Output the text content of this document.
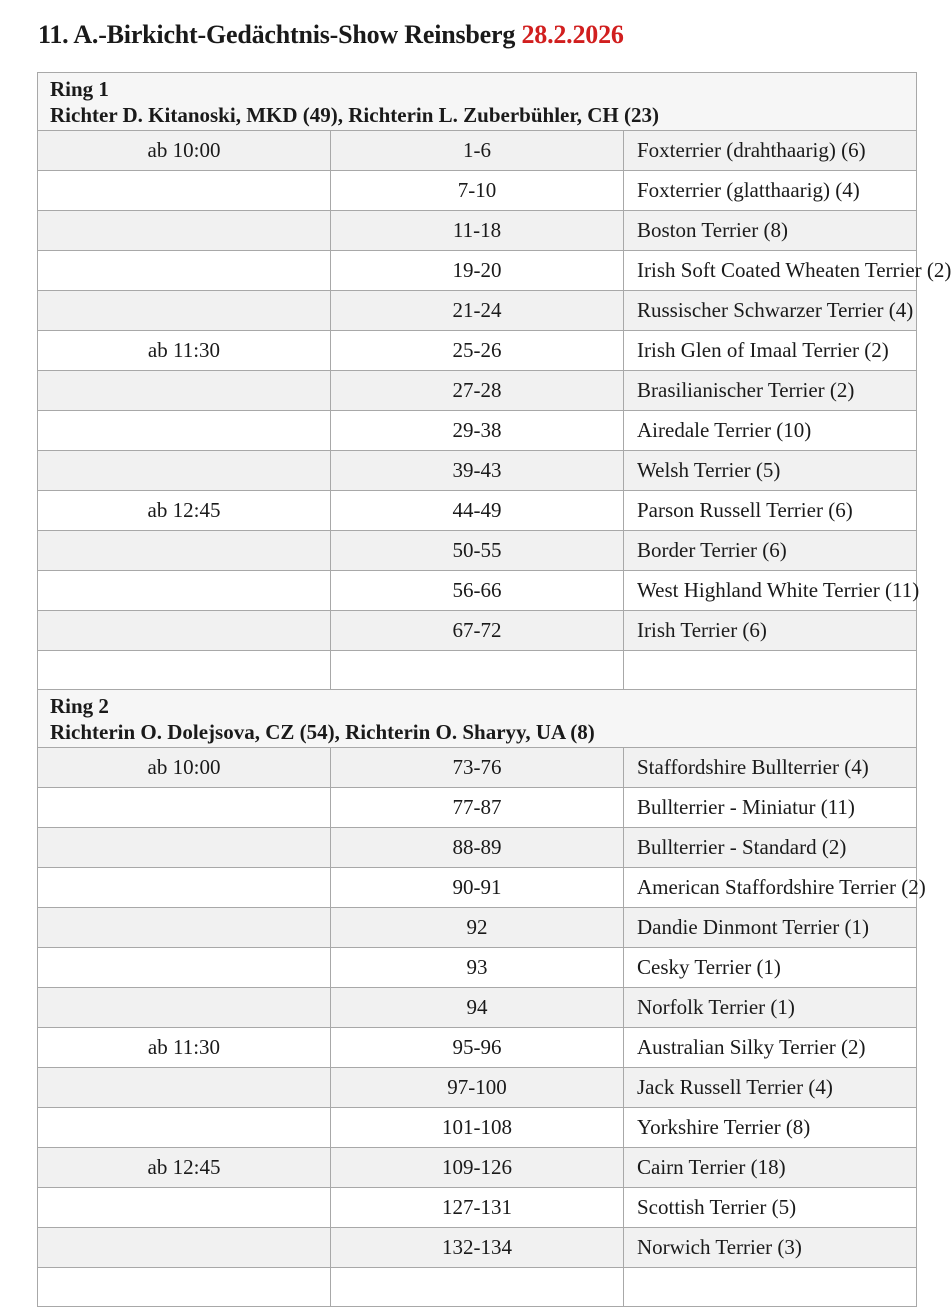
11. A.-Birkicht-Gedächtnis-Show Reinsberg 28.2.2026
Ring 1
Richter D. Kitanoski, MKD (49), Richterin L. Zuberbühler, CH (23)		

ab 10:00	1-6	Foxterrier (drahthaarig) (6)
	7-10	Foxterrier (glatthaarig) (4)
	11-18	Boston Terrier (8)
	19-20	Irish Soft Coated Wheaten Terrier (2)
	21-24	Russischer Schwarzer Terrier (4)
ab 11:30	25-26	Irish Glen of Imaal Terrier (2)
	27-28	Brasilianischer Terrier (2)
	29-38	Airedale Terrier (10)
	39-43	Welsh Terrier (5)
ab 12:45	44-49	Parson Russell Terrier (6)
	50-55	Border Terrier (6)
	56-66	West Highland White Terrier (11)
	67-72	Irish Terrier (6)

Ring 2
Richterin O. Dolejsova, CZ (54), Richterin O. Sharyy, UA (8)		

ab 10:00	73-76	Staffordshire Bullterrier (4)
	77-87	Bullterrier - Miniatur (11)
	88-89	Bullterrier - Standard (2)
	90-91	American Staffordshire Terrier (2)
	92	Dandie Dinmont Terrier (1)
	93	Cesky Terrier (1)
	94	Norfolk Terrier (1)
ab 11:30	95-96	Australian Silky Terrier (2)
	97-100	Jack Russell Terrier (4)
	101-108	Yorkshire Terrier (8)
ab 12:45	109-126	Cairn Terrier (18)
	127-131	Scottish Terrier (5)
	132-134	Norwich Terrier (3)
